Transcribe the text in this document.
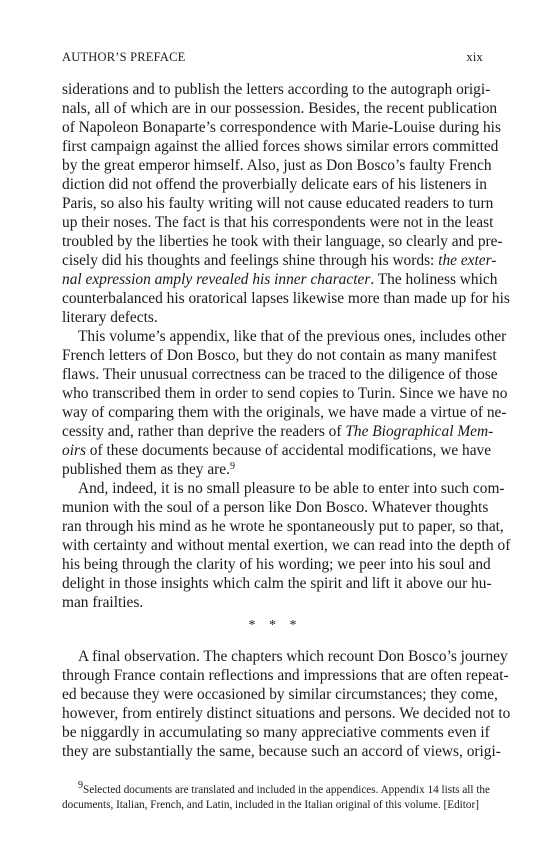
AUTHOR’S PREFACE	xix
siderations and to publish the letters according to the autograph origi-
nals, all of which are in our possession. Besides, the recent publication
of Napoleon Bonaparte’s correspondence with Marie-Louise during his
first campaign against the allied forces shows similar errors committed
by the great emperor himself. Also, just as Don Bosco’s faulty French
diction did not offend the proverbially delicate ears of his listeners in
Paris, so also his faulty writing will not cause educated readers to turn
up their noses. The fact is that his correspondents were not in the least
troubled by the liberties he took with their language, so clearly and pre-
cisely did his thoughts and feelings shine through his words: the exter-
nal expression amply revealed his inner character. The holiness which
counterbalanced his oratorical lapses likewise more than made up for his
literary defects.
This volume’s appendix, like that of the previous ones, includes other
French letters of Don Bosco, but they do not contain as many manifest
flaws. Their unusual correctness can be traced to the diligence of those
who transcribed them in order to send copies to Turin. Since we have no
way of comparing them with the originals, we have made a virtue of ne-
cessity and, rather than deprive the readers of The Biographical Mem-
oirs of these documents because of accidental modifications, we have
published them as they are.$^9$
And, indeed, it is no small pleasure to be able to enter into such com-
munion with the soul of a person like Don Bosco. Whatever thoughts
ran through his mind as he wrote he spontaneously put to paper, so that,
with certainty and without mental exertion, we can read into the depth of
his being through the clarity of his wording; we peer into his soul and
delight in those insights which calm the spirit and lift it above our hu-
man frailties.
* * *
A final observation. The chapters which recount Don Bosco’s journey
through France contain reflections and impressions that are often repeat-
ed because they were occasioned by similar circumstances; they come,
however, from entirely distinct situations and persons. We decided not to
be niggardly in accumulating so many appreciative comments even if
they are substantially the same, because such an accord of views, origi-
9Selected documents are translated and included in the appendices. Appendix 14 lists all the
documents, Italian, French, and Latin, included in the Italian original of this volume. [Editor]
